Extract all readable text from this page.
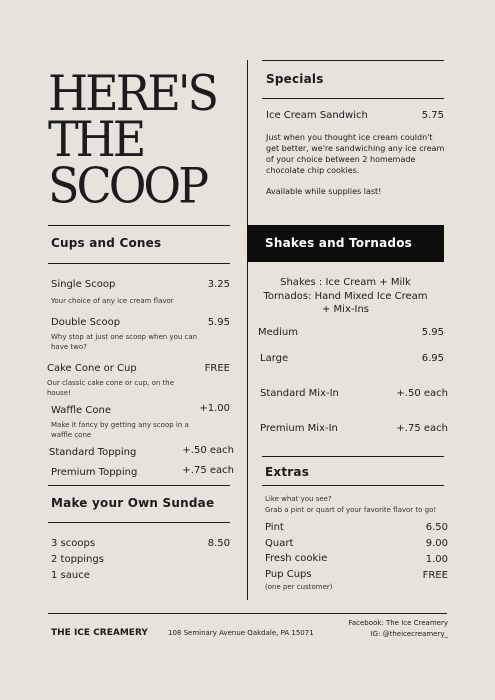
HERE'S
THE
SCOOP
Specials
Ice Cream Sandwich	5.75
Just when you thought ice cream couldn't get better, we're sandwiching any ice cream of your choice between 2 homemade chocolate chip cookies.
Available while supplies last!
Cups and Cones
Single Scoop	3.25
Your choice of any ice cream flavor
Double Scoop	5.95
Why stop at just one scoop when you can have two?
Cake Cone or Cup	FREE
Our classic cake cone or cup, on the house!
Waffle Cone	+1.00
Make it fancy by getting any scoop in a waffle cone
Standard Topping	+.50 each
Premium Topping	+.75 each
Make your Own Sundae
3 scoops	8.50
2 toppings
1 sauce
Shakes and Tornados
Shakes : Ice Cream + Milk
Tornados: Hand Mixed Ice Cream
+ Mix-Ins
Medium	5.95
Large	6.95
Standard Mix-In	+.50 each
Premium Mix-In	+.75 each
Extras
Like what you see?
Grab a pint or quart of your favorite flavor to go!
Pint	6.50
Quart	9.00
Fresh cookie	1.00
Pup Cups	FREE
(one per customer)
THE ICE CREAMERY	108 Seminary Avenue Oakdale, PA 15071
Facebook: The Ice Creamery
IG: @theicecreamery_
